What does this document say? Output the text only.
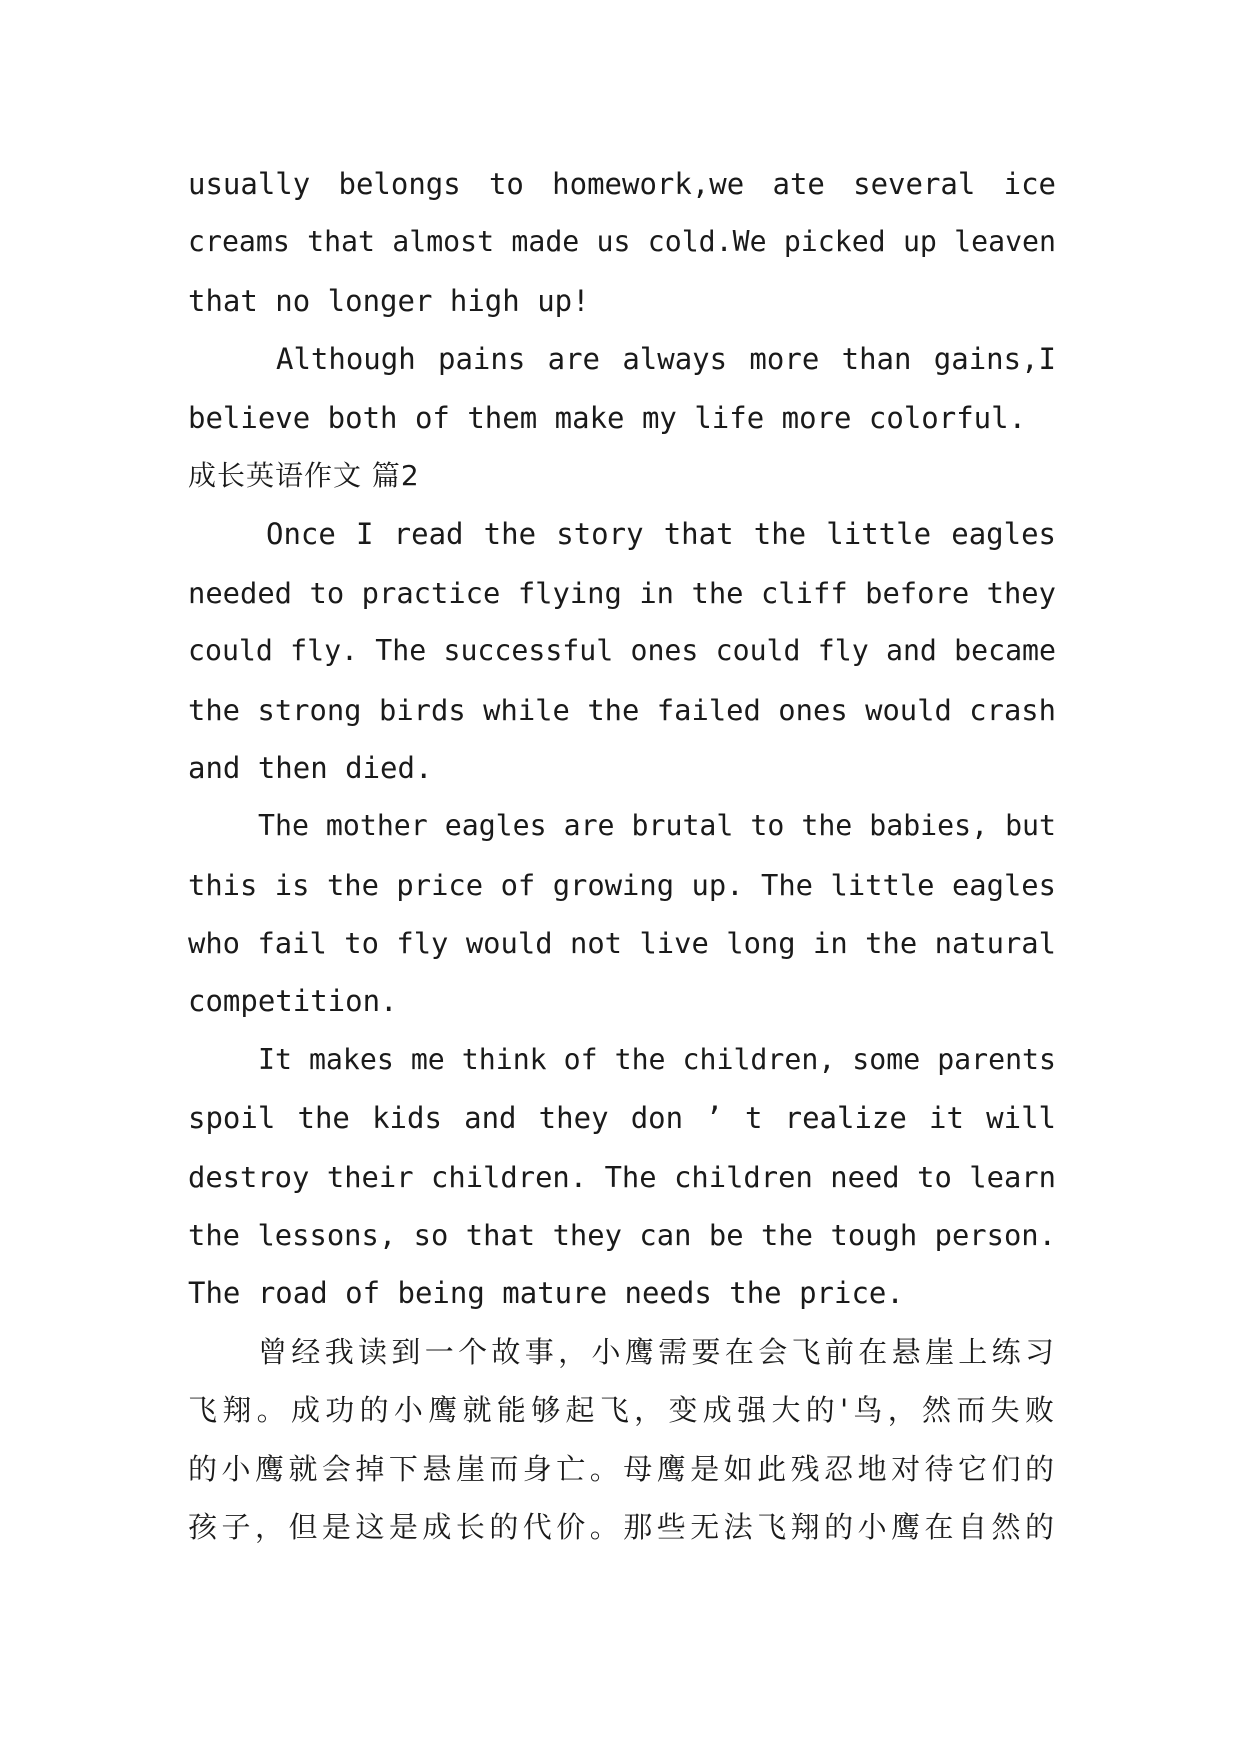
usually belongs to homework,we ate several ice
creams that almost made us cold.We picked up leaven
that no longer high up!
Although pains are always more than gains,I
believe both of them make my life more colorful.
成长英语作文 篇2
Once I read the story that the little eagles
needed to practice flying in the cliff before they
could fly. The successful ones could fly and became
the strong birds while the failed ones would crash
and then died.
The mother eagles are brutal to the babies, but
this is the price of growing up. The little eagles
who fail to fly would not live long in the natural
competition.
It makes me think of the children, some parents
spoil the kids and they don ’ t realize it will
destroy their children. The children need to learn
the lessons, so that they can be the tough person.
The road of being mature needs the price.
曾经我读到一个故事，小鹰需要在会飞前在悬崖上练习
飞翔。成功的小鹰就能够起飞，变成强大的'鸟，然而失败
的小鹰就会掉下悬崖而身亡。母鹰是如此残忍地对待它们的
孩子，但是这是成长的代价。那些无法飞翔的小鹰在自然的
